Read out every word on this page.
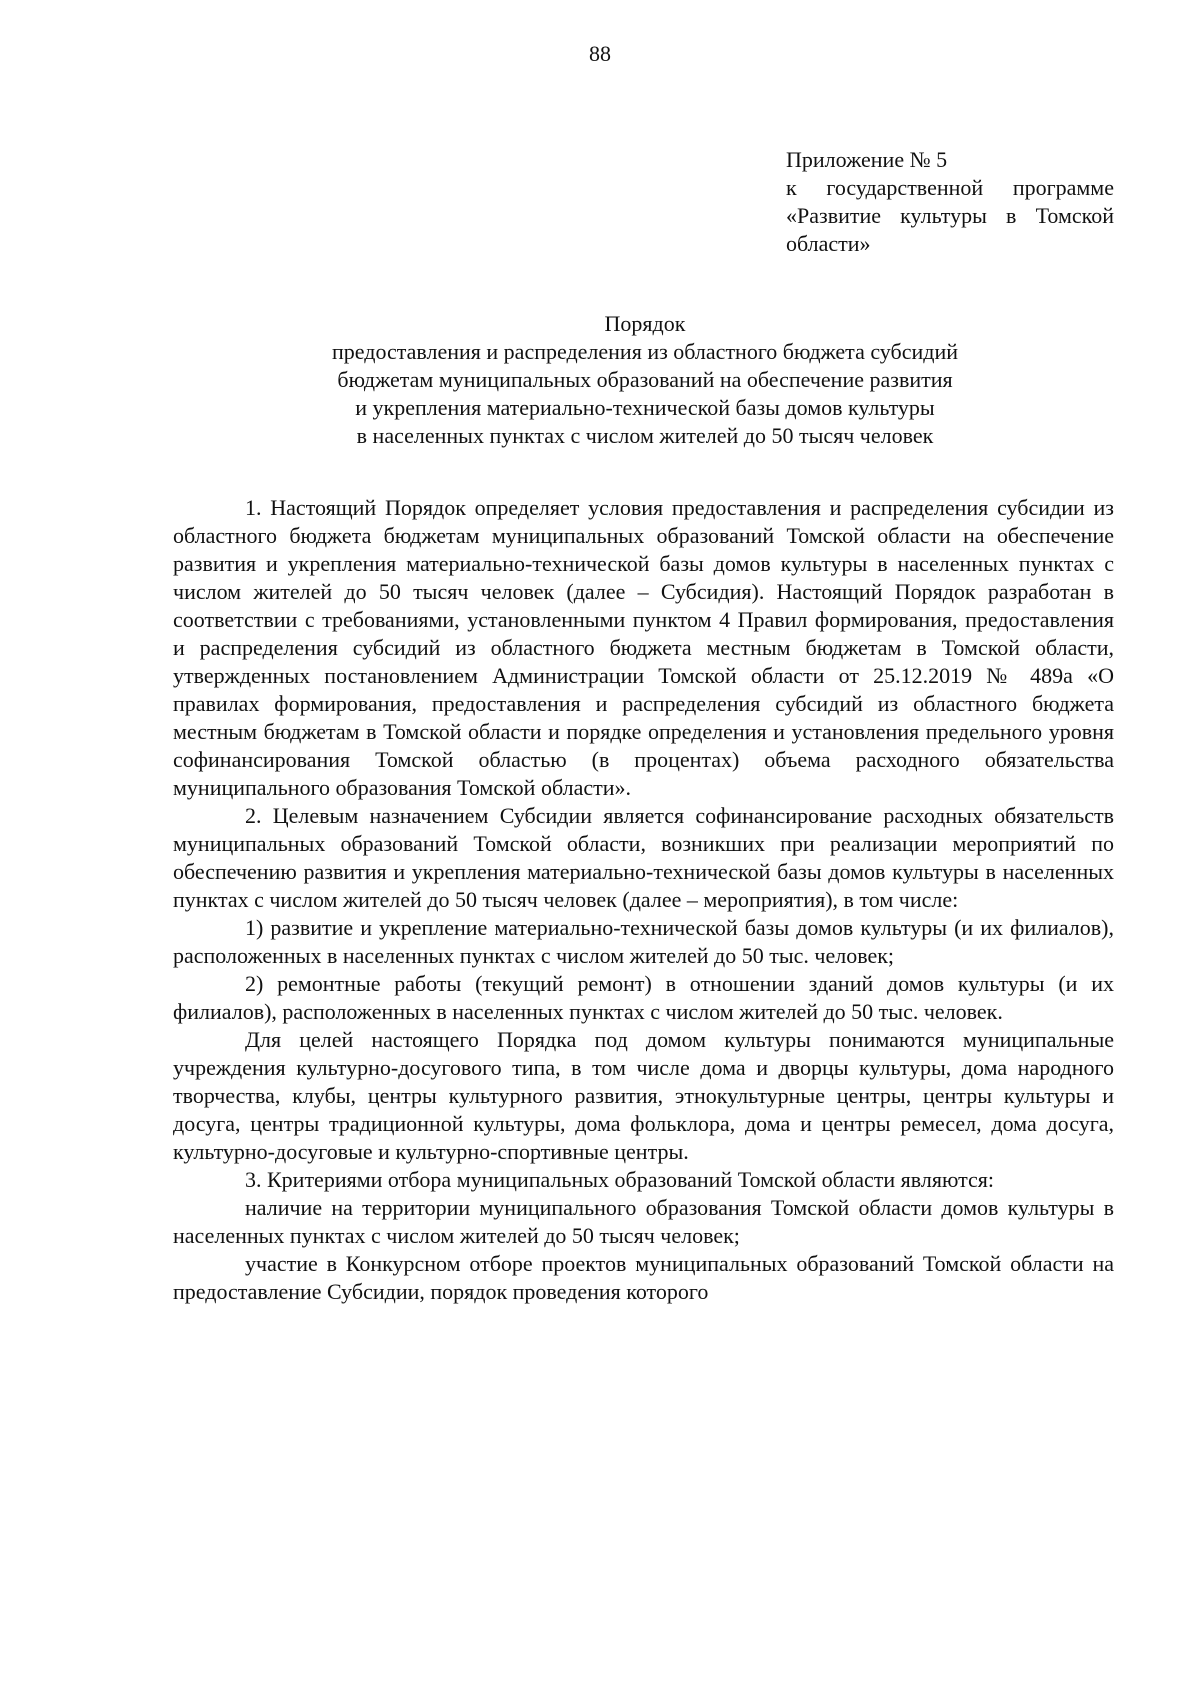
88
Приложение № 5
к государственной программе
«Развитие культуры в Томской
области»
Порядок
предоставления и распределения из областного бюджета субсидий
бюджетам муниципальных образований на обеспечение развития
и укрепления материально-технической базы домов культуры
в населенных пунктах с числом жителей до 50 тысяч человек

1. Настоящий Порядок определяет условия предоставления и распределения субсидии из областного бюджета бюджетам муниципальных образований Томской области на обеспечение развития и укрепления материально-технической базы домов культуры в населенных пунктах с числом жителей до 50 тысяч человек (далее – Субсидия). Настоящий Порядок разработан в соответствии с требованиями, установленными пунктом 4 Правил формирования, предоставления и распределения субсидий из областного бюджета местным бюджетам в Томской области, утвержденных постановлением Администрации Томской области от 25.12.2019 № 489а «О правилах формирования, предоставления и распределения субсидий из областного бюджета местным бюджетам в Томской области и порядке определения и установления предельного уровня софинансирования Томской областью (в процентах) объема расходного обязательства муниципального образования Томской области».

2. Целевым назначением Субсидии является софинансирование расходных обязательств муниципальных образований Томской области, возникших при реализации мероприятий по обеспечению развития и укрепления материально-технической базы домов культуры в населенных пунктах с числом жителей до 50 тысяч человек (далее – мероприятия), в том числе:

1) развитие и укрепление материально-технической базы домов культуры (и их филиалов), расположенных в населенных пунктах с числом жителей до 50 тыс. человек;

2) ремонтные работы (текущий ремонт) в отношении зданий домов культуры (и их филиалов), расположенных в населенных пунктах с числом жителей до 50 тыс. человек.

Для целей настоящего Порядка под домом культуры понимаются муниципальные учреждения культурно-досугового типа, в том числе дома и дворцы культуры, дома народного творчества, клубы, центры культурного развития, этнокультурные центры, центры культуры и досуга, центры традиционной культуры, дома фольклора, дома и центры ремесел, дома досуга, культурно-досуговые и культурно-спортивные центры.

3. Критериями отбора муниципальных образований Томской области являются:

наличие на территории муниципального образования Томской области домов культуры в населенных пунктах с числом жителей до 50 тысяч человек;

участие в Конкурсном отборе проектов муниципальных образований Томской области на предоставление Субсидии, порядок проведения которого
